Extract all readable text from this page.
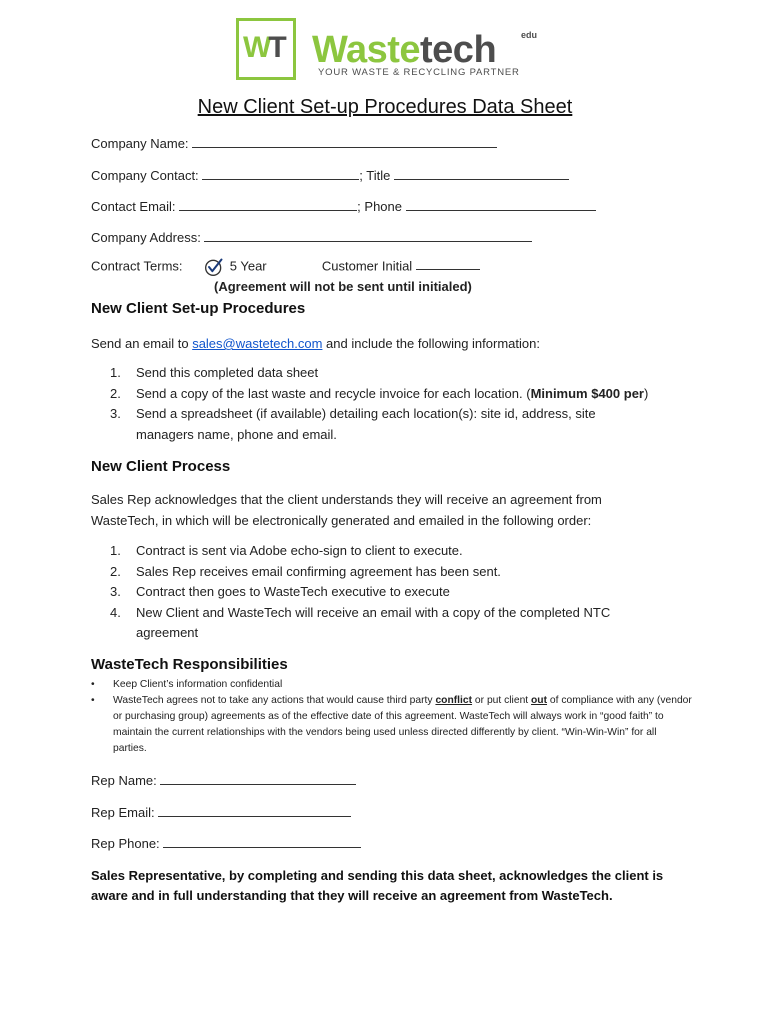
WT Wastetech	edu
YOUR WASTE & RECYCLING PARTNER
New Client Set-up Procedures Data Sheet
Company Name:
Company Contact:	; Title
Contact Email:	; Phone
Company Address:
Contract Terms:	5 Year	Customer Initial
(Agreement will not be sent until initialed)
New Client Set-up Procedures
Send an email to sales@wastetech.com and include the following information:
1. Send this completed data sheet
2. Send a copy of the last waste and recycle invoice for each location. (Minimum $400 per)
3. Send a spreadsheet (if available) detailing each location(s): site id, address, site managers name, phone and email.
New Client Process
Sales Rep acknowledges that the client understands they will receive an agreement from WasteTech, in which will be electronically generated and emailed in the following order:
1. Contract is sent via Adobe echo-sign to client to execute.
2. Sales Rep receives email confirming agreement has been sent.
3. Contract then goes to WasteTech executive to execute
4. New Client and WasteTech will receive an email with a copy of the completed NTC agreement
WasteTech Responsibilities
• Keep Client’s information confidential
• WasteTech agrees not to take any actions that would cause third party conflict or put client out of compliance with any (vendor or purchasing group) agreements as of the effective date of this agreement. WasteTech will always work in “good faith” to maintain the current relationships with the vendors being used unless directed differently by client. “Win-Win-Win” for all parties.
Rep Name:
Rep Email:
Rep Phone:
Sales Representative, by completing and sending this data sheet, acknowledges the client is aware and in full understanding that they will receive an agreement from WasteTech.
